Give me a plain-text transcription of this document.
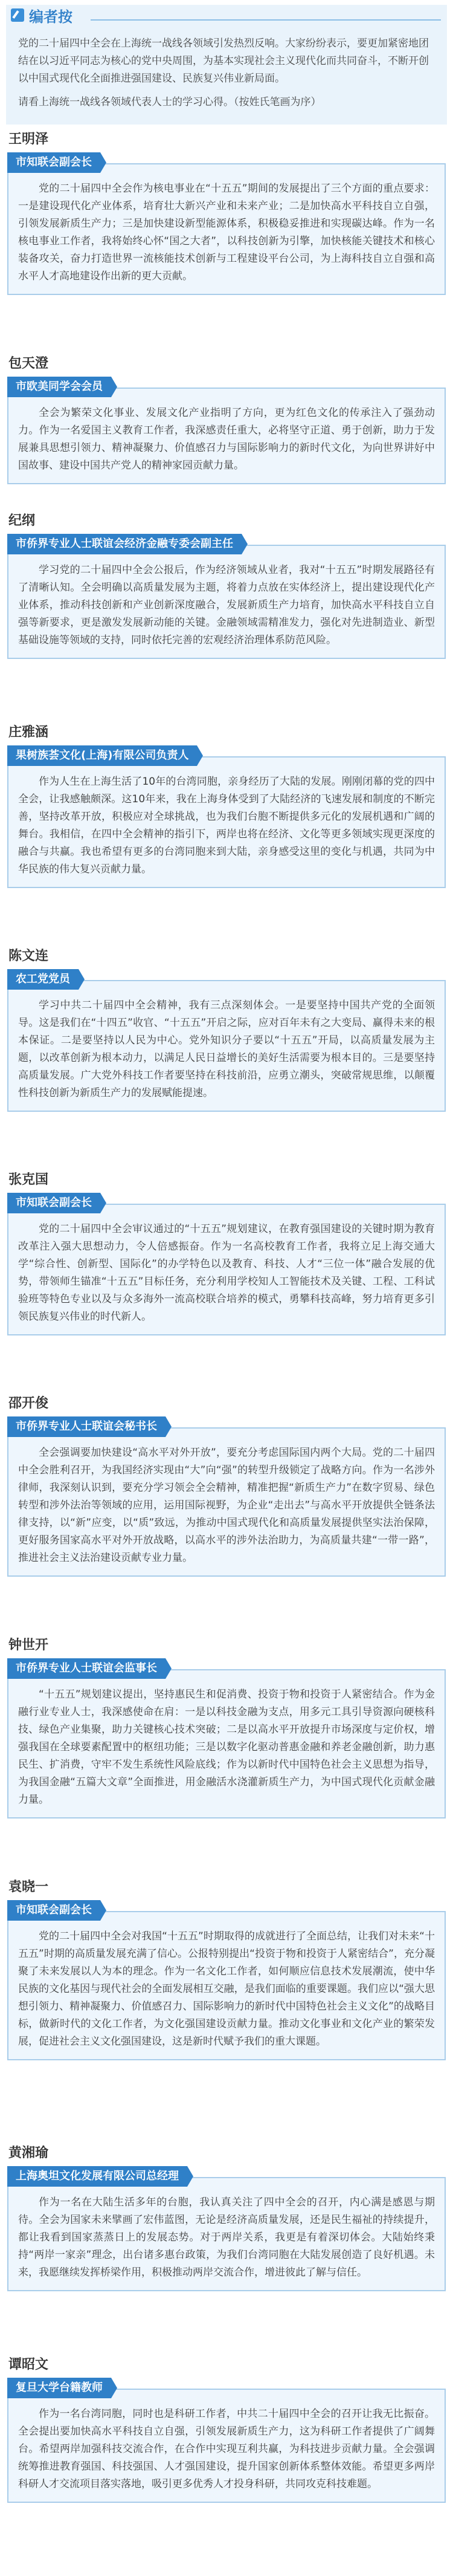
编者按

党的二十届四中全会在上海统一战线各领域引发热烈反响。大家纷纷表示，要更加紧密地团结在以习近平同志为核心的党中央周围，为基本实现社会主义现代化而共同奋斗，不断开创以中国式现代化全面推进强国建设、民族复兴伟业新局面。

请看上海统一战线各领域代表人士的学习心得。（按姓氏笔画为序）

王明泽
市知联会副会长

党的二十届四中全会作为核电事业在“十五五”期间的发展提出了三个方面的重点要求：一是建设现代化产业体系，培育壮大新兴产业和未来产业；二是加快高水平科技自立自强，引领发展新质生产力；三是加快建设新型能源体系，积极稳妥推进和实现碳达峰。作为一名核电事业工作者，我将始终心怀“国之大者”，以科技创新为引擎，加快核能关键技术和核心装备攻关，奋力打造世界一流核能技术创新与工程建设平台公司，为上海科技自立自强和高水平人才高地建设作出新的更大贡献。

包天澄
市欧美同学会会员

全会为繁荣文化事业、发展文化产业指明了方向，更为红色文化的传承注入了强劲动力。作为一名爱国主义教育工作者，我深感责任重大，必将坚守正道、勇于创新，助力于发展兼具思想引领力、精神凝聚力、价值感召力与国际影响力的新时代文化，为向世界讲好中国故事、建设中国共产党人的精神家园贡献力量。

纪纲
市侨界专业人士联谊会经济金融专委会副主任

学习党的二十届四中全会公报后，作为经济领域从业者，我对“十五五”时期发展路径有了清晰认知。全会明确以高质量发展为主题，将着力点放在实体经济上，提出建设现代化产业体系，推动科技创新和产业创新深度融合，发展新质生产力培育，加快高水平科技自立自强等新要求，更是激发发展新动能的关键。金融领域需精准发力，强化对先进制造业、新型基础设施等领域的支持，同时依托完善的宏观经济治理体系防范风险。

庄雅涵
果树族荟文化(上海)有限公司负责人

作为人生在上海生活了10年的台湾同胞，亲身经历了大陆的发展。刚刚闭幕的党的四中全会，让我感触颇深。这10年来，我在上海身体受到了大陆经济的飞速发展和制度的不断完善，坚持改革开放，积极应对全球挑战，也为我们台胞不断提供多元化的发展机遇和广阔的舞台。我相信，在四中全会精神的指引下，两岸也将在经济、文化等更多领域实现更深度的融合与共赢。我也希望有更多的台湾同胞来到大陆，亲身感受这里的变化与机遇，共同为中华民族的伟大复兴贡献力量。

陈文连
农工党党员

学习中共二十届四中全会精神，我有三点深刻体会。一是要坚持中国共产党的全面领导。这是我们在“十四五”收官、“十五五”开启之际，应对百年未有之大变局、赢得未来的根本保证。二是要坚持以人民为中心。党外知识分子要以“十五五”开局，以高质量发展为主题，以改革创新为根本动力，以满足人民日益增长的美好生活需要为根本目的。三是要坚持高质量发展。广大党外科技工作者要坚持在科技前沿，应勇立潮头，突破常规思维，以颠覆性科技创新为新质生产力的发展赋能提速。

张克国
市知联会副会长

党的二十届四中全会审议通过的“十五五”规划建议，在教育强国建设的关键时期为教育改革注入强大思想动力，令人倍感振奋。作为一名高校教育工作者，我将立足上海交通大学“综合性、创新型、国际化”的办学特色以及教育、科技、人才“三位一体”融合发展的优势，带领师生锚准“十五五”目标任务，充分利用学校知人工智能技术及关键、工程、工科试验班等特色专业以及与众多海外一流高校联合培养的模式，勇攀科技高峰，努力培育更多引领民族复兴伟业的时代新人。

邵开俊
市侨界专业人士联谊会秘书长

全会强调要加快建设“高水平对外开放”，要充分考虑国际国内两个大局。党的二十届四中全会胜利召开，为我国经济实现由“大”向“强”的转型升级锁定了战略方向。作为一名涉外律师，我深刻认识到，要充分学习领会全会精神，精准把握“新质生产力”在数字贸易、绿色转型和涉外法治等领域的应用，运用国际视野，为企业“走出去”与高水平开放提供全链条法律支持，以“新”应变，以“质”致远，为推动中国式现代化和高质量发展提供坚实法治保障，更好服务国家高水平对外开放战略，以高水平的涉外法治助力，为高质量共建“一带一路”，推进社会主义法治建设贡献专业力量。

钟世开
市侨界专业人士联谊会监事长

“十五五”规划建议提出，坚持惠民生和促消费、投资于物和投资于人紧密结合。作为金融行业专业人士，我深感使命在肩：一是以科技金融为支点，用多元工具引导资源向硬核科技、绿色产业集聚，助力关键核心技术突破；二是以高水平开放提升市场深度与定价权，增强我国在全球要素配置中的枢纽功能；三是以数字化驱动普惠金融和养老金融创新，助力惠民生、扩消费，守牢不发生系统性风险底线；作为以新时代中国特色社会主义思想为指导，为我国金融“五篇大文章”全面推进，用金融活水浇灌新质生产力，为中国式现代化贡献金融力量。

袁晓一
市知联会副会长

党的二十届四中全会对我国“十五五”时期取得的成就进行了全面总结，让我们对未来“十五五”时期的高质量发展充满了信心。公报特别提出“投资于物和投资于人紧密结合”，充分凝聚了未来发展以人为本的理念。作为一名文化工作者，如何顺应信息技术发展潮流，使中华民族的文化基因与现代社会的全面发展相互交融，是我们面临的重要课题。我们应以“强大思想引领力、精神凝聚力、价值感召力、国际影响力的新时代中国特色社会主义文化”的战略目标，做新时代的文化工作者，为文化强国建设贡献力量。推动文化事业和文化产业的繁荣发展，促进社会主义文化强国建设，这是新时代赋予我们的重大课题。

黄湘瑜
上海奥坦文化发展有限公司总经理

作为一名在大陆生活多年的台胞，我认真关注了四中全会的召开，内心满是感恩与期待。全会为国家未来擘画了宏伟蓝图，无论是经济高质量发展，还是民生福祉的持续提升，都让我看到国家蒸蒸日上的发展态势。对于两岸关系，我更是有着深切体会。大陆始终秉持“两岸一家亲”理念，出台诸多惠台政策，为我们台湾同胞在大陆发展创造了良好机遇。未来，我愿继续发挥桥梁作用，积极推动两岸交流合作，增进彼此了解与信任。

谭昭文
复旦大学台籍教师

作为一名台湾同胞，同时也是科研工作者，中共二十届四中全会的召开让我无比振奋。全会提出要加快高水平科技自立自强，引领发展新质生产力，这为科研工作者提供了广阔舞台。希望两岸加强科技交流合作，在合作中实现互利共赢，为科技进步贡献力量。全会强调统筹推进教育强国、科技强国、人才强国建设，提升国家创新体系整体效能。希望更多两岸科研人才交流项目落实落地，吸引更多优秀人才投身科研，共同攻克科技难题。
